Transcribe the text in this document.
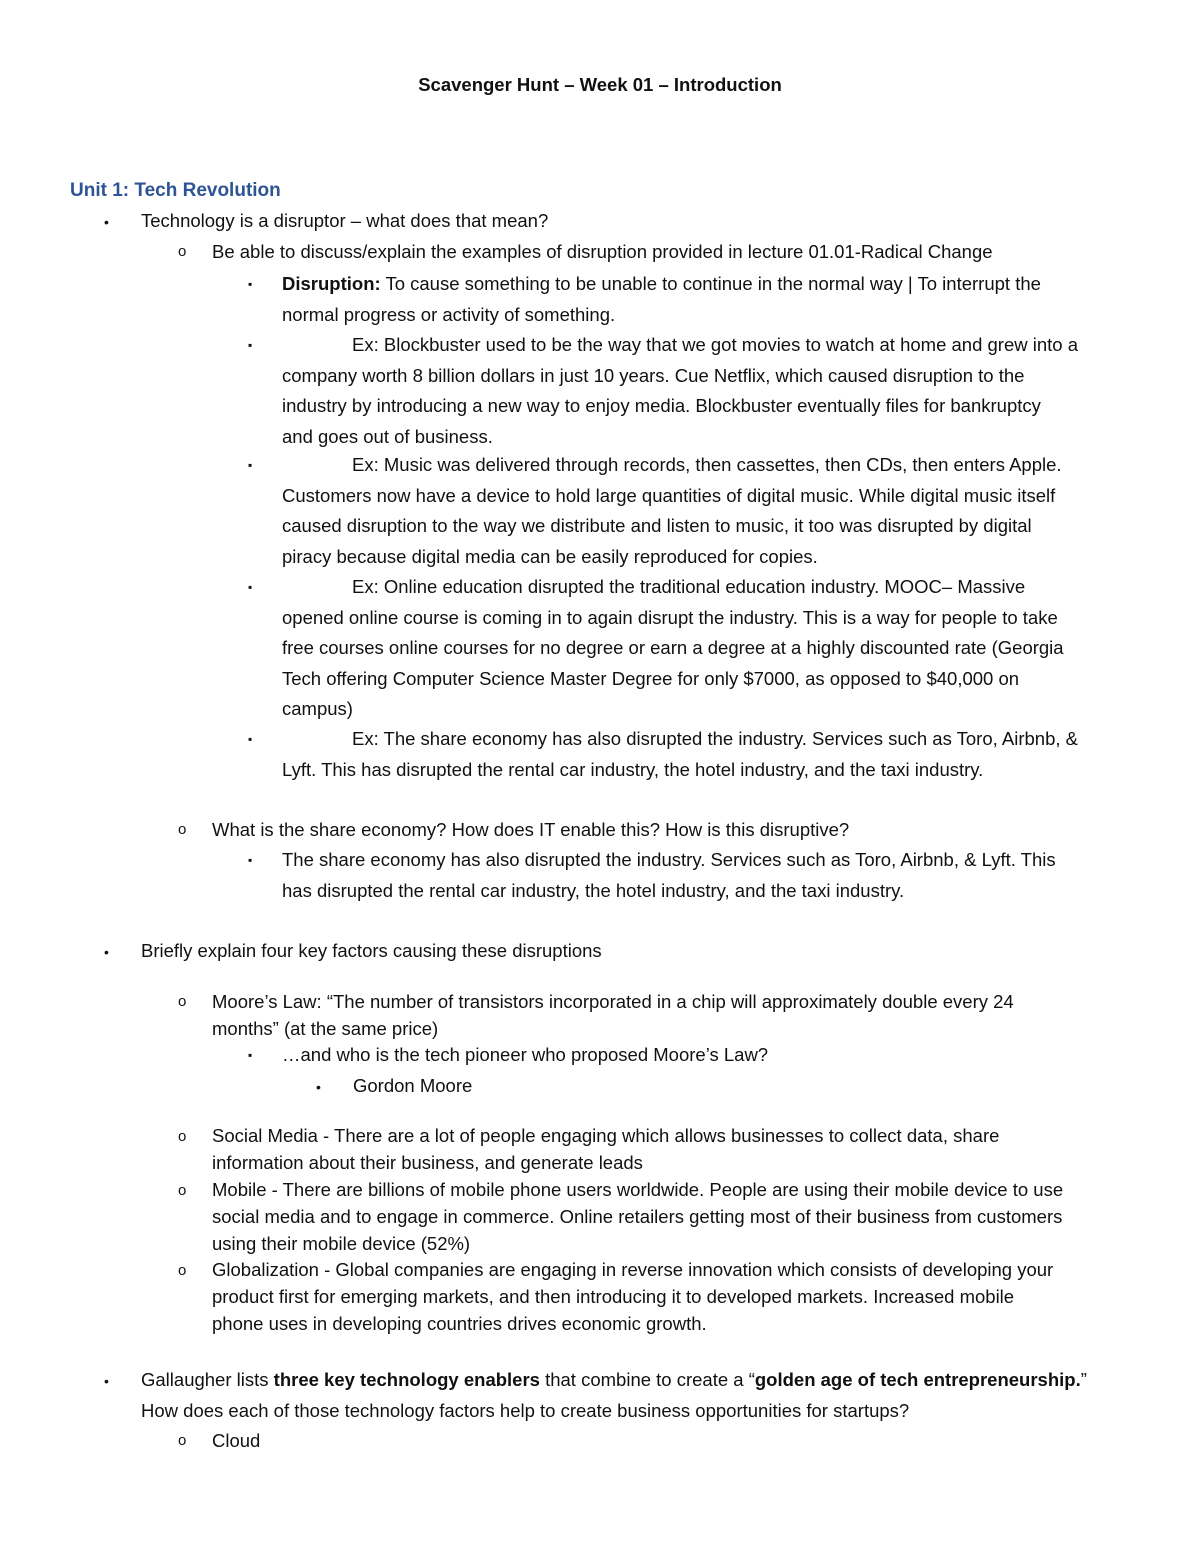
Scavenger Hunt – Week 01 – Introduction
Unit 1: Tech Revolution
• Technology is a disruptor – what does that mean?
o Be able to discuss/explain the examples of disruption provided in lecture 01.01-Radical Change
▪ Disruption: To cause something to be unable to continue in the normal way | To interrupt the

normal progress or activity of something.

▪	Ex: Blockbuster used to be the way that we got movies to watch at home and grew into a

company worth 8 billion dollars in just 10 years. Cue Netflix, which caused disruption to the

industry by introducing a new way to enjoy media. Blockbuster eventually files for bankruptcy

and goes out of business.

▪	Ex: Music was delivered through records, then cassettes, then CDs, then enters Apple.

Customers now have a device to hold large quantities of digital music. While digital music itself

caused disruption to the way we distribute and listen to music, it too was disrupted by digital

piracy because digital media can be easily reproduced for copies.

▪	Ex: Online education disrupted the traditional education industry. MOOC– Massive

opened online course is coming in to again disrupt the industry. This is a way for people to take

free courses online courses for no degree or earn a degree at a highly discounted rate (Georgia

Tech offering Computer Science Master Degree for only $7000, as opposed to $40,000 on

campus)

▪	Ex: The share economy has also disrupted the industry. Services such as Toro, Airbnb, &

Lyft. This has disrupted the rental car industry, the hotel industry, and the taxi industry.

o What is the share economy? How does IT enable this? How is this disruptive?
▪ The share economy has also disrupted the industry. Services such as Toro, Airbnb, & Lyft. This

has disrupted the rental car industry, the hotel industry, and the taxi industry.

• Briefly explain four key factors causing these disruptions
o Moore’s Law: “The number of transistors incorporated in a chip will approximately double every 24

months” (at the same price)

▪ …and who is the tech pioneer who proposed Moore’s Law?
• Gordon Moore
o Social Media - There are a lot of people engaging which allows businesses to collect data, share

information about their business, and generate leads

o Mobile - There are billions of mobile phone users worldwide. People are using their mobile device to use

social media and to engage in commerce. Online retailers getting most of their business from customers

using their mobile device (52%)

o Globalization - Global companies are engaging in reverse innovation which consists of developing your

product first for emerging markets, and then introducing it to developed markets. Increased mobile

phone uses in developing countries drives economic growth.

• Gallaugher lists three key technology enablers that combine to create a “golden age of tech entrepreneurship.”

How does each of those technology factors help to create business opportunities for startups?

o Cloud
